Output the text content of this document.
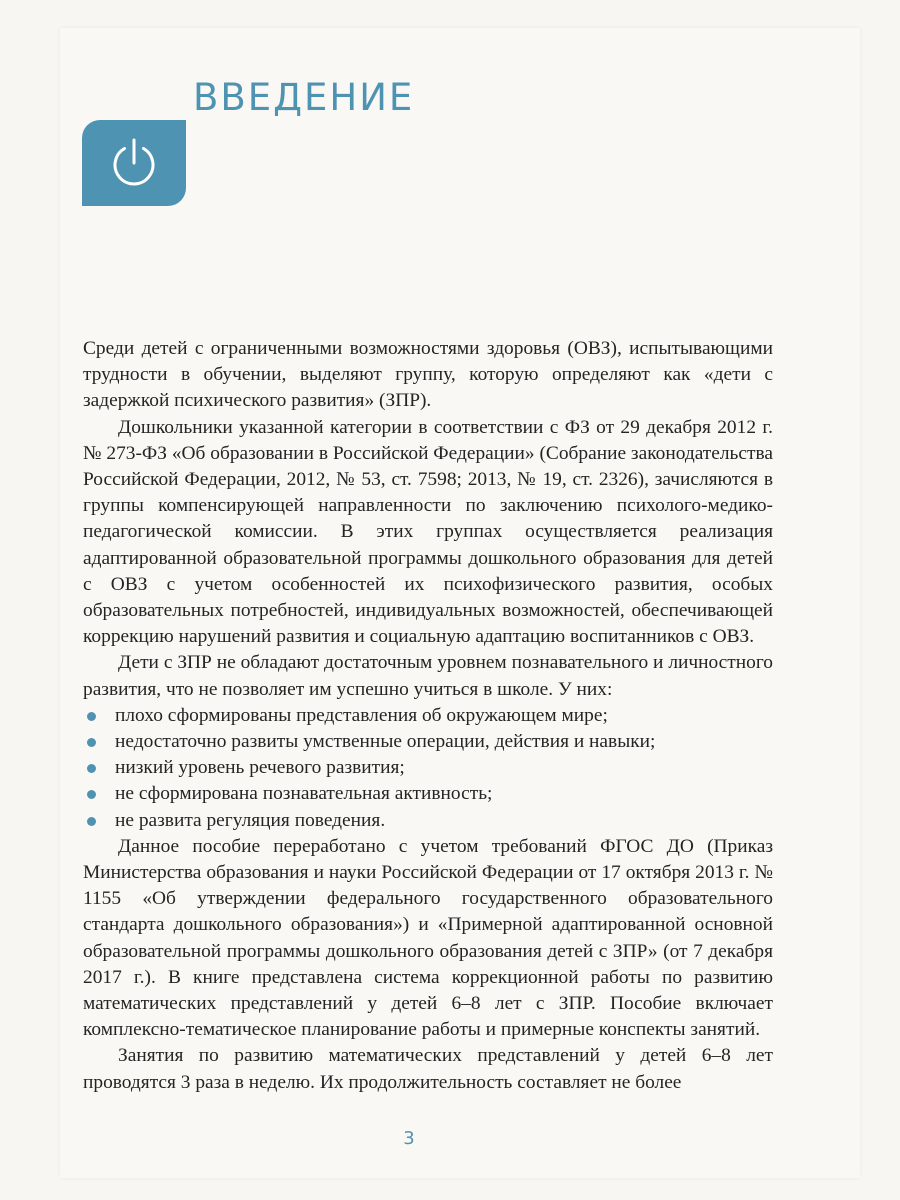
ВВЕДЕНИЕ

Среди детей с ограниченными возможностями здоровья (ОВЗ), испытывающими трудности в обучении, выделяют группу, которую определяют как «дети с задержкой психического развития» (ЗПР).

Дошкольники указанной категории в соответствии с ФЗ от 29 декабря 2012 г. № 273-ФЗ «Об образовании в Российской Федерации» (Собрание законодательства Российской Федерации, 2012, № 53, ст. 7598; 2013, № 19, ст. 2326), зачисляются в группы компенсирующей направленности по заключению психолого-медико-педагогической комиссии. В этих группах осуществляется реализация адаптированной образовательной программы дошкольного образования для детей с ОВЗ с учетом особенностей их психофизического развития, особых образовательных потребностей, индивидуальных возможностей, обеспечивающей коррекцию нарушений развития и социальную адаптацию воспитанников с ОВЗ.

Дети с ЗПР не обладают достаточным уровнем познавательного и личностного развития, что не позволяет им успешно учиться в школе. У них:

плохо сформированы представления об окружающем мире;
недостаточно развиты умственные операции, действия и навыки;
низкий уровень речевого развития;
не сформирована познавательная активность;
не развита регуляция поведения.

Данное пособие переработано с учетом требований ФГОС ДО (Приказ Министерства образования и науки Российской Федерации от 17 октября 2013 г. № 1155 «Об утверждении федерального государственного образовательного стандарта дошкольного образования») и «Примерной адаптированной основной образовательной программы дошкольного образования детей с ЗПР» (от 7 декабря 2017 г.). В книге представлена система коррекционной работы по развитию математических представлений у детей 6–8 лет с ЗПР. Пособие включает комплексно-тематическое планирование работы и примерные конспекты занятий.

Занятия по развитию математических представлений у детей 6–8 лет проводятся 3 раза в неделю. Их продолжительность составляет не более

3
